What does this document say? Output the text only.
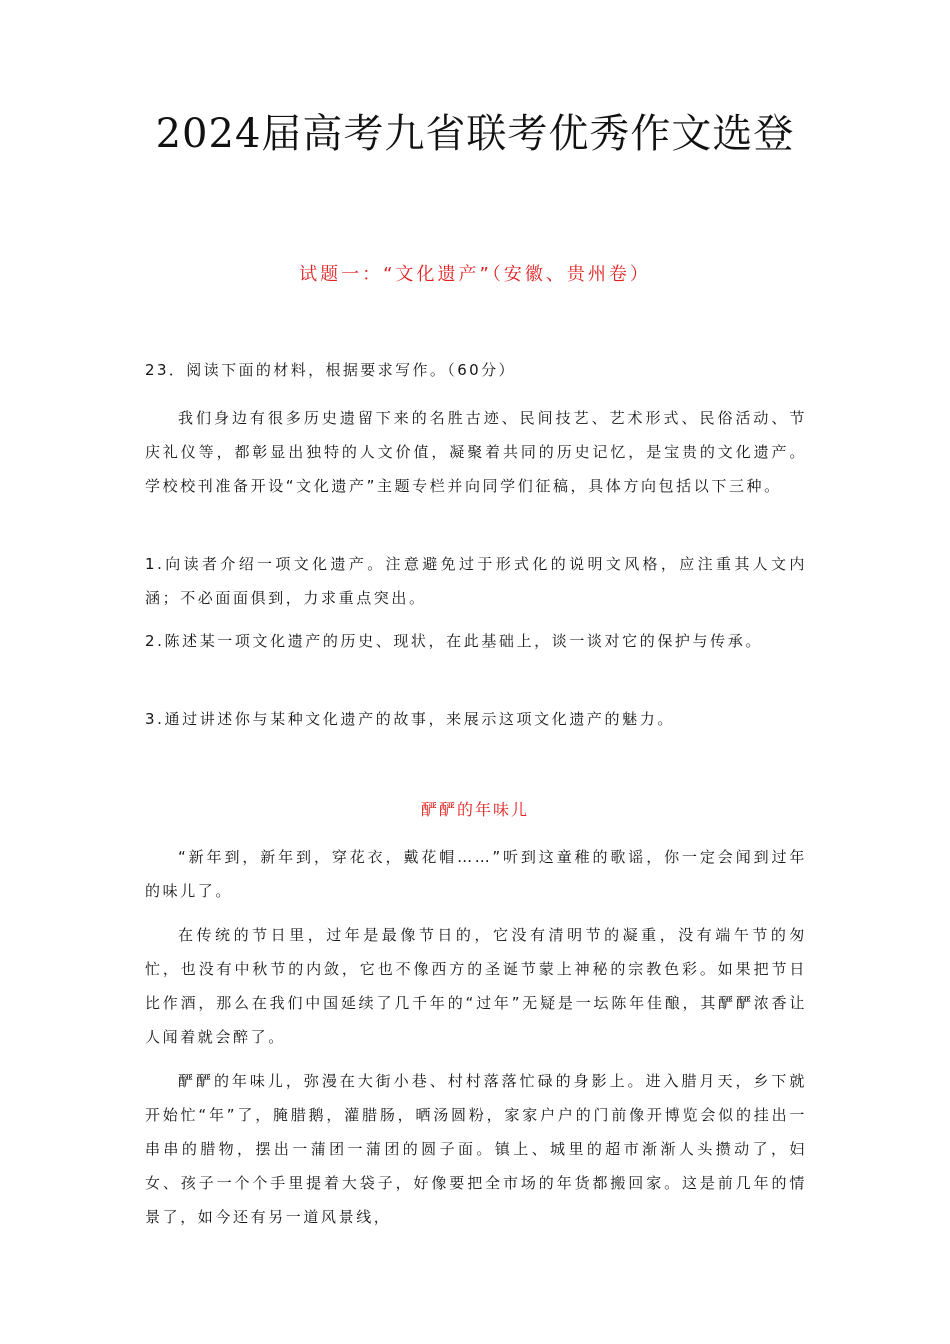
2024届高考九省联考优秀作文选登
试题一：“文化遗产”（安徽、贵州卷）
23．阅读下面的材料，根据要求写作。（60分）
我们身边有很多历史遗留下来的名胜古迹、民间技艺、艺术形式、民俗活动、节庆礼仪等，都彰显出独特的人文价值，凝聚着共同的历史记忆，是宝贵的文化遗产。学校校刊准备开设“文化遗产”主题专栏并向同学们征稿，具体方向包括以下三种。
1.向读者介绍一项文化遗产。注意避免过于形式化的说明文风格，应注重其人文内涵；不必面面俱到，力求重点突出。
2.陈述某一项文化遗产的历史、现状，在此基础上，谈一谈对它的保护与传承。
3.通过讲述你与某种文化遗产的故事，来展示这项文化遗产的魅力。
酽酽的年味儿
“新年到，新年到，穿花衣，戴花帽……”听到这童稚的歌谣，你一定会闻到过年的味儿了。
在传统的节日里，过年是最像节日的，它没有清明节的凝重，没有端午节的匆忙，也没有中秋节的内敛，它也不像西方的圣诞节蒙上神秘的宗教色彩。如果把节日比作酒，那么在我们中国延续了几千年的“过年”无疑是一坛陈年佳酿，其酽酽浓香让人闻着就会醉了。
酽酽的年味儿，弥漫在大街小巷、村村落落忙碌的身影上。进入腊月天，乡下就开始忙“年”了，腌腊鹅，灌腊肠，晒汤圆粉，家家户户的门前像开博览会似的挂出一串串的腊物，摆出一蒲团一蒲团的圆子面。镇上、城里的超市渐渐人头攒动了，妇女、孩子一个个手里提着大袋子，好像要把全市场的年货都搬回家。这是前几年的情景了，如今还有另一道风景线，
